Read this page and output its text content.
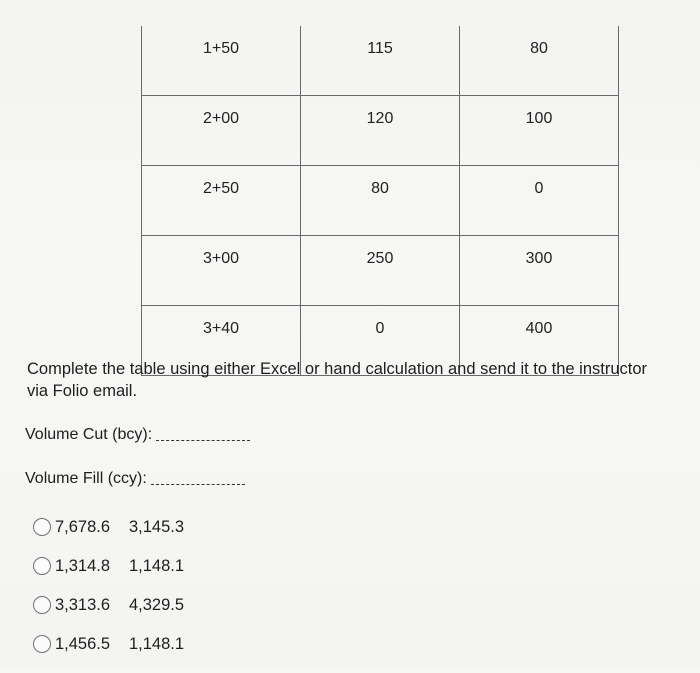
1+50	115	80
2+00	120	100
2+50	80	0
3+00	250	300
3+40	0	400
Complete the table using either Excel or hand calculation and send it to the instructor via Folio email.
Volume Cut (bcy):
Volume Fill (ccy):
7,678.6	3,145.3
1,314.8	1,148.1
3,313.6	4,329.5
1,456.5	1,148.1
